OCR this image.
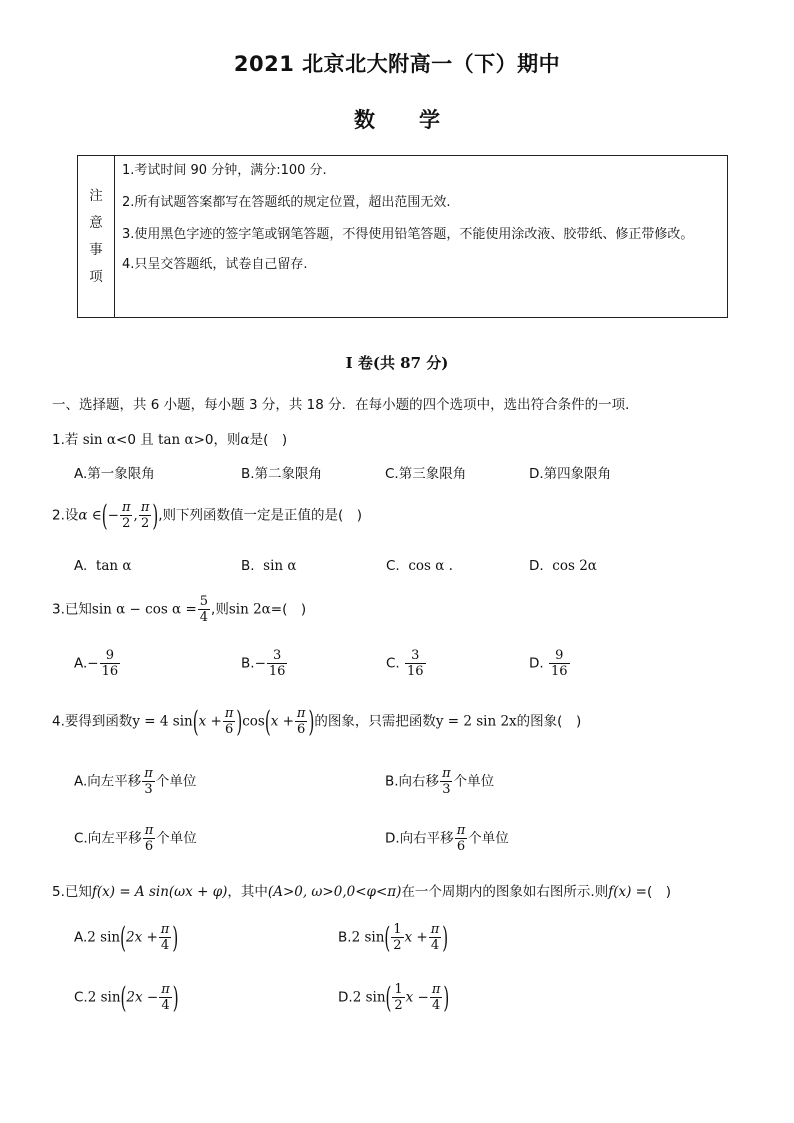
2021 北京北大附高一（下）期中
数学
注
意
事
项
1.考试时间 90 分钟，满分:100 分.
2.所有试题答案都写在答题纸的规定位置，超出范围无效.
3.使用黑色字迹的签字笔或钢笔答题，不得使用铅笔答题，不能使用涂改液、胶带纸、修正带修改。
4.只呈交答题纸，试卷自己留存.
I 卷(共 87 分)
一、选择题，共 6 小题，每小题 3 分，共 18 分．在每小题的四个选项中，选出符合条件的一项．
1.若 sin α<0 且 tan α>0，则α是(　)
A.第一象限角	B.第二象限角	C.第三象限角	D.第四象限角
2.设α ∈(− $\frac{\pi}{2}$ , $\frac{\pi}{2}$ ),则下列函数值一定是正值的是(　)
A. tan α	B. sin α	C. cos α .	D. cos 2α
3.已知$\sin \alpha - \cos \alpha = \frac{5}{4}$ ,则sin 2α=(　)
$A.- \frac{9}{16}$	$B.- \frac{3}{16}$	C. $\frac{3}{16}$	D. $\frac{9}{16}$
4.要得到函数y = 4 $\sin(x + \frac{\pi}{6} )\cos(x + \frac{\pi}{6}$ )的图象，只需把函数y = 2 sin 2x的图象(　)
A.向左平移 $\frac{\pi}{3}$ 个单位	B.向右移 $\frac{\pi}{3}$ 个单位
C.向左平移 $\frac{\pi}{6}$ 个单位	D.向右平移 $\frac{\pi}{6}$ 个单位
5.已知f(x) = A sin(ωx + φ)，其中(A>0, ω>0,0<φ<π)在一个周期内的图象如右图所示.则f(x) =(　)
A.2 $\sin(2x + \frac{\pi}{4}$ )	B.2 $\sin( \frac{1}{2}$ $x + \frac{\pi}{4}$ )
C.2 $\sin(2x - \frac{\pi}{4}$ )	D.2 $\sin( \frac{1}{2}$ $x - \frac{\pi}{4}$ )
